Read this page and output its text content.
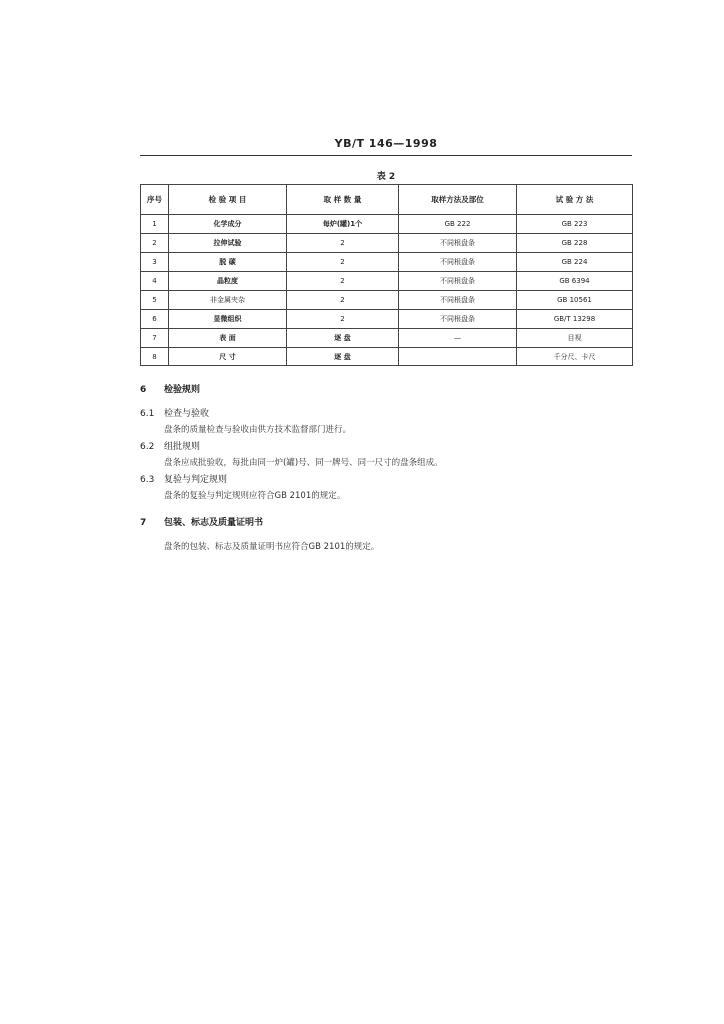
YB/T 146—1998
表 2
序号	检 验 项 目	取 样 数 量	取样方法及部位	试 验 方 法
1	化学成分	每炉(罐)1个	GB 222	GB 223
2	拉伸试验	2	不同根盘条	GB 228
3	脱 碳	2	不同根盘条	GB 224
4	晶粒度	2	不同根盘条	GB 6394
5	非金属夹杂	2	不同根盘条	GB 10561
6	显微组织	2	不同根盘条	GB/T 13298
7	表 面	逐 盘	—	目视
8	尺 寸	逐 盘		千分尺、卡尺
6 检验规则
6.1 检查与验收
盘条的质量检查与验收由供方技术监督部门进行。
6.2 组批规则
盘条应成批验收，每批由同一炉(罐)号、同一牌号、同一尺寸的盘条组成。
6.3 复验与判定规则
盘条的复验与判定规则应符合GB 2101的规定。
7 包装、标志及质量证明书
盘条的包装、标志及质量证明书应符合GB 2101的规定。
